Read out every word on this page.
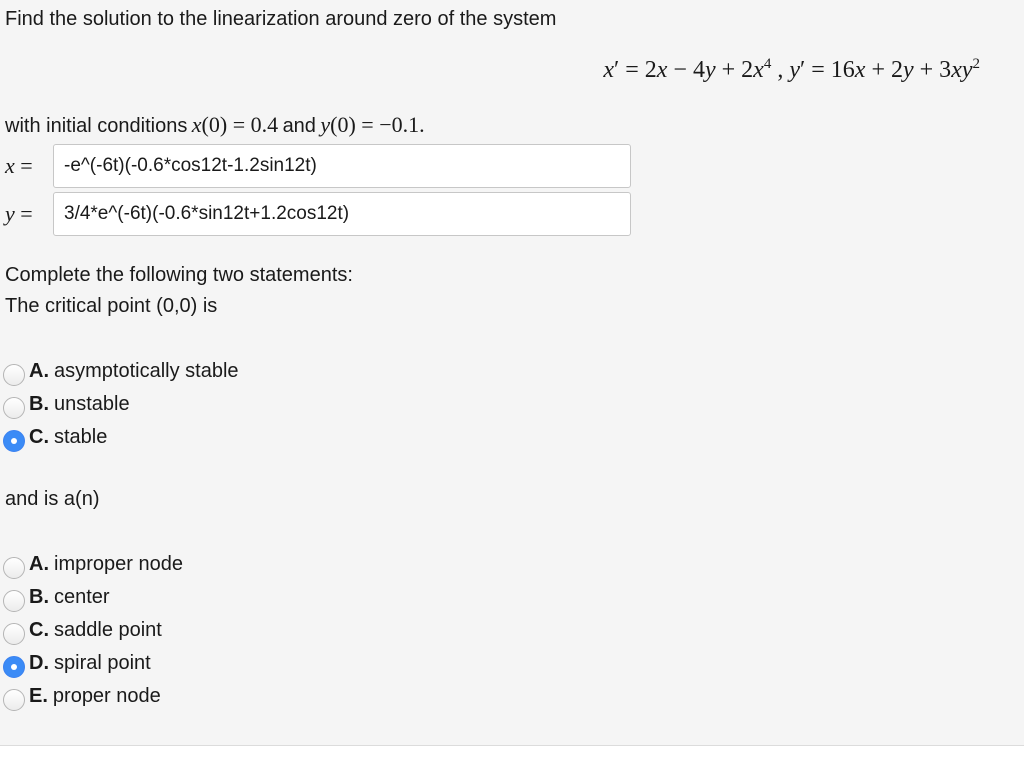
Find the solution to the linearization around zero of the system
$x' = 2x - 4y + 2x^4$ , $y' = 16x + 2y + 3xy^2$
with initial conditions x(0) = 0.4 and y(0) = −0.1.
x =
-e^(-6t)(-0.6*cos12t-1.2sin12t)
y =
3/4*e^(-6t)(-0.6*sin12t+1.2cos12t)
Complete the following two statements:
The critical point (0,0) is
A. asymptotically stable
B. unstable
C. stable
and is a(n)
A. improper node
B. center
C. saddle point
D. spiral point
E. proper node
